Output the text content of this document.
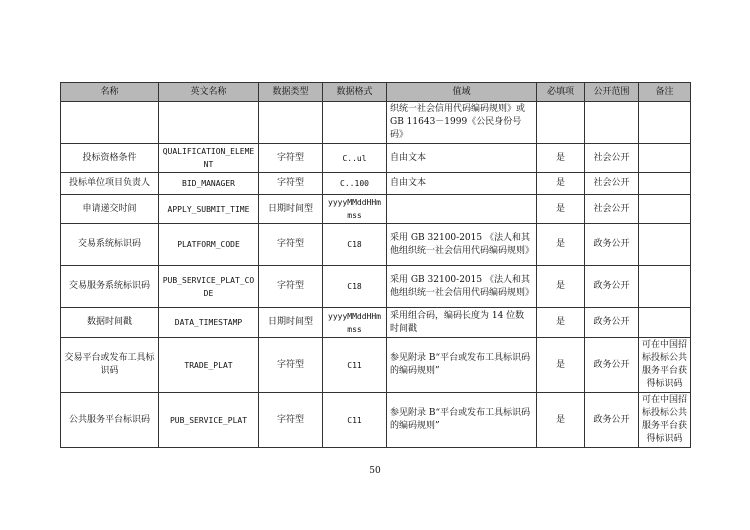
名称	英文名称	数据类型	数据格式	值域	必填项	公开范围	备注
				织统一社会信用代码编码规则》或 GB 11643－1999《公民身份号码》			
投标资格条件	QUALIFICATION_ELEMENT	字符型	C..ul	自由文本	是	社会公开	
投标单位项目负责人	BID_MANAGER	字符型	C..100	自由文本	是	社会公开	
申请递交时间	APPLY_SUBMIT_TIME	日期时间型	yyyyMMddHHmmss		是	社会公开	
交易系统标识码	PLATFORM_CODE	字符型	C18	采用 GB 32100-2015 《法人和其他组织统一社会信用代码编码规则》	是	政务公开	
交易服务系统标识码	PUB_SERVICE_PLAT_CODE	字符型	C18	采用 GB 32100-2015 《法人和其他组织统一社会信用代码编码规则》	是	政务公开	
数据时间戳	DATA_TIMESTAMP	日期时间型	yyyyMMddHHmmss	采用组合码，编码长度为 14 位数时间戳	是	政务公开	
交易平台或发布工具标识码	TRADE_PLAT	字符型	C11	参见附录 B“平台或发布工具标识码的编码规则”	是	政务公开	可在中国招标投标公共服务平台获得标识码
公共服务平台标识码	PUB_SERVICE_PLAT	字符型	C11	参见附录 B“平台或发布工具标识码的编码规则”	是	政务公开	可在中国招标投标公共服务平台获得标识码
50
